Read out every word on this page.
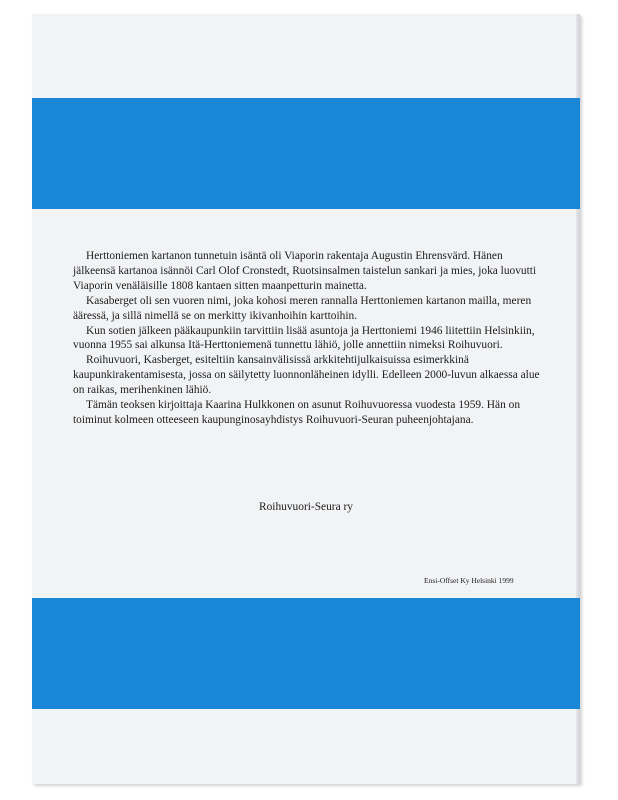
Herttoniemen kartanon tunnetuin isäntä oli Viaporin rakentaja Augustin Ehrensvärd. Hänen jälkeensä kartanoa isännöi Carl Olof Cronstedt, Ruotsinsalmen taistelun sankari ja mies, joka luovutti Viaporin venäläisille 1808 kantaen sitten maanpetturin mainetta.

Kasaberget oli sen vuoren nimi, joka kohosi meren rannalla Herttoniemen kartanon mailla, meren ääressä, ja sillä nimellä se on merkitty ikivanhoihin karttoihin.

Kun sotien jälkeen pääkaupunkiin tarvittiin lisää asuntoja ja Herttoniemi 1946 liitettiin Helsinkiin, vuonna 1955 sai alkunsa Itä-Herttoniemenä tunnettu lähiö, jolle annettiin nimeksi Roihuvuori.

Roihuvuori, Kasberget, esiteltiin kansainvälisissä arkkitehtijulkaisuissa esimerkkinä kaupunkirakentamisesta, jossa on säilytetty luonnonläheinen idylli. Edelleen 2000-luvun alkaessa alue on raikas, merihenkinen lähiö.

Tämän teoksen kirjoittaja Kaarina Hulkkonen on asunut Roihuvuoressa vuodesta 1959. Hän on toiminut kolmeen otteeseen kaupunginosayhdistys Roihuvuori-Seuran puheenjohtajana.

Roihuvuori-Seura ry
Ensi-Offset Ky Helsinki 1999
